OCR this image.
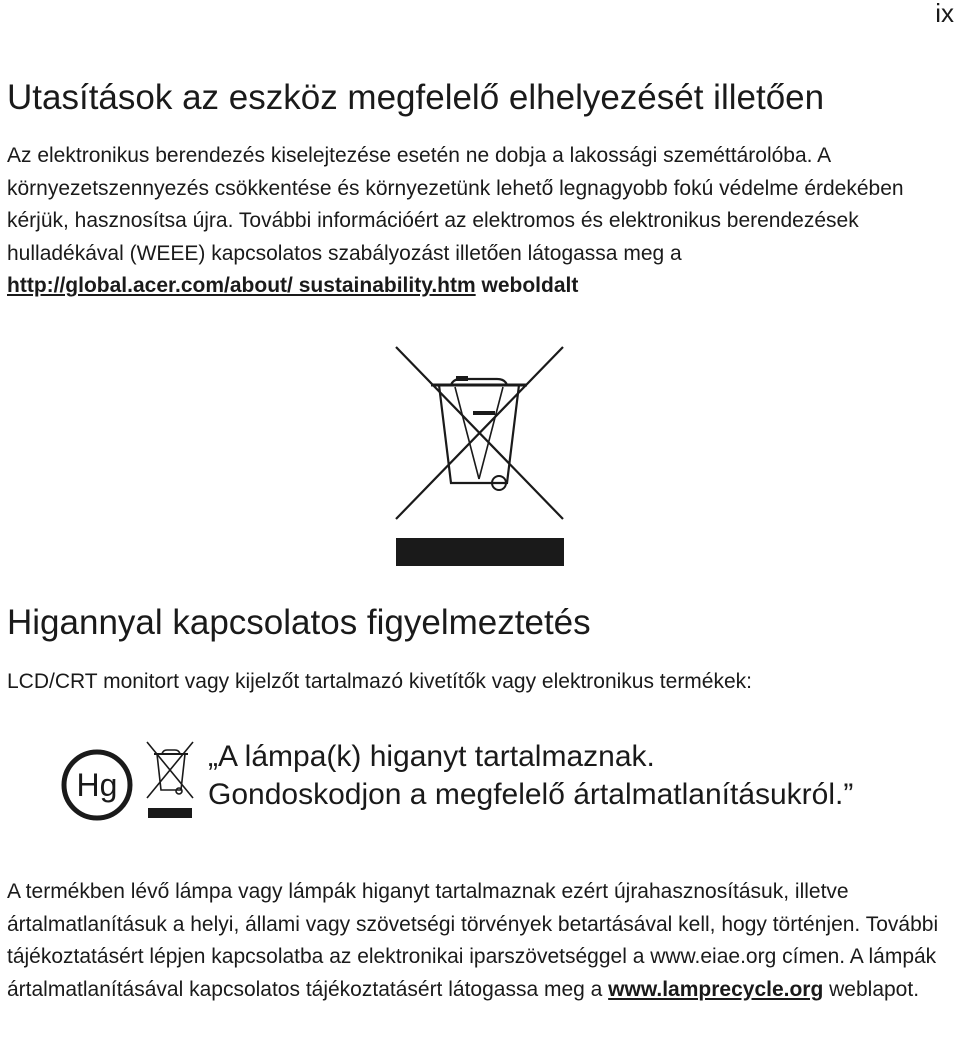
ix
Utasítások az eszköz megfelelő elhelyezését illetően

Az elektronikus berendezés kiselejtezése esetén ne dobja a lakossági szeméttárolóba. A környezetszennyezés csökkentése és környezetünk lehető legnagyobb fokú védelme érdekében kérjük, hasznosítsa újra. További információért az elektromos és elektronikus berendezések hulladékával (WEEE) kapcsolatos szabályozást illetően látogassa meg a http://global.acer.com/about/ sustainability.htm weboldalt

Higannyal kapcsolatos figyelmeztetés

LCD/CRT monitort vagy kijelzőt tartalmazó kivetítők vagy elektronikus termékek:

Hg
„A lámpa(k) higanyt tartalmaznak.
Gondoskodjon a megfelelő ártalmatlanításukról.”

A termékben lévő lámpa vagy lámpák higanyt tartalmaznak ezért újrahasznosításuk, illetve ártalmatlanításuk a helyi, állami vagy szövetségi törvények betartásával kell, hogy történjen. További tájékoztatásért lépjen kapcsolatba az elektronikai iparszövetséggel a www.eiae.org címen. A lámpák ártalmatlanításával kapcsolatos tájékoztatásért látogassa meg a www.lamprecycle.org weblapot.
